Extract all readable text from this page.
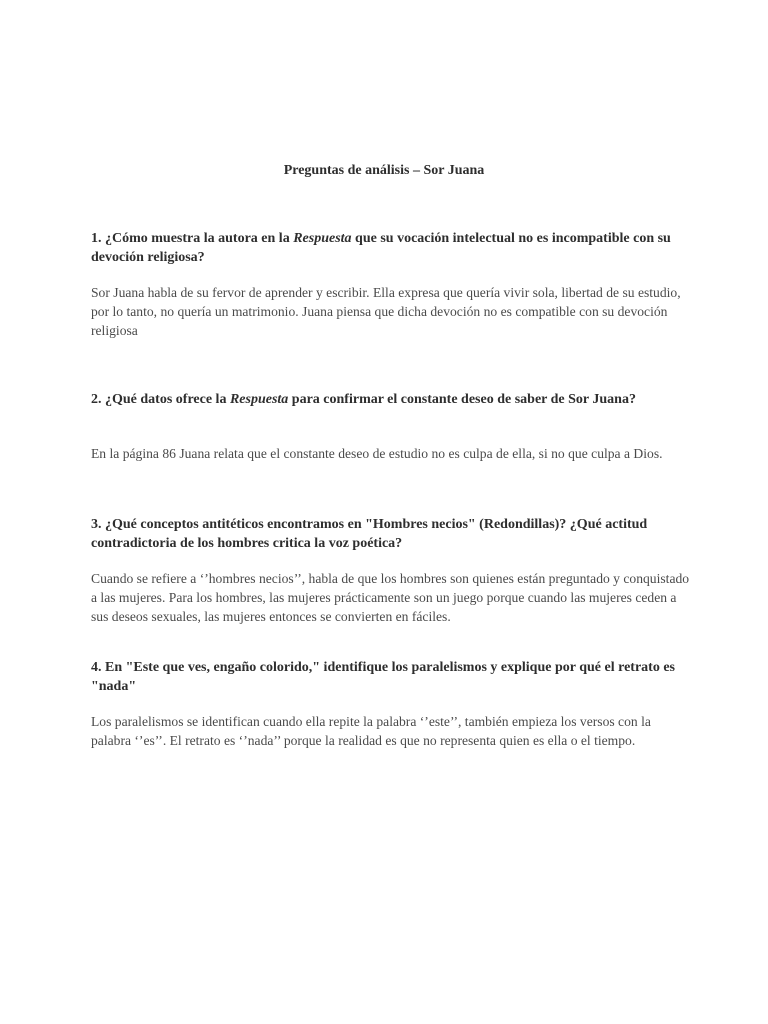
Preguntas de análisis – Sor Juana
1. ¿Cómo muestra la autora en la Respuesta que su vocación intelectual no es incompatible con su devoción religiosa?
Sor Juana habla de su fervor de aprender y escribir. Ella expresa que quería vivir sola, libertad de su estudio, por lo tanto, no quería un matrimonio. Juana piensa que dicha devoción no es compatible con su devoción religiosa
2. ¿Qué datos ofrece la Respuesta para confirmar el constante deseo de saber de Sor Juana?
En la página 86 Juana relata que el constante deseo de estudio no es culpa de ella, si no que culpa a Dios.
3. ¿Qué conceptos antitéticos encontramos en "Hombres necios" (Redondillas)? ¿Qué actitud contradictoria de los hombres critica la voz poética?
Cuando se refiere a ‘’hombres necios’’, habla de que los hombres son quienes están preguntado y conquistado a las mujeres. Para los hombres, las mujeres prácticamente son un juego porque cuando las mujeres ceden a sus deseos sexuales, las mujeres entonces se convierten en fáciles.
4. En "Este que ves, engaño colorido," identifique los paralelismos y explique por qué el retrato es "nada"
Los paralelismos se identifican cuando ella repite la palabra ‘’este’’, también empieza los versos con la palabra ‘’es’’. El retrato es ‘’nada’’ porque la realidad es que no representa quien es ella o el tiempo.
